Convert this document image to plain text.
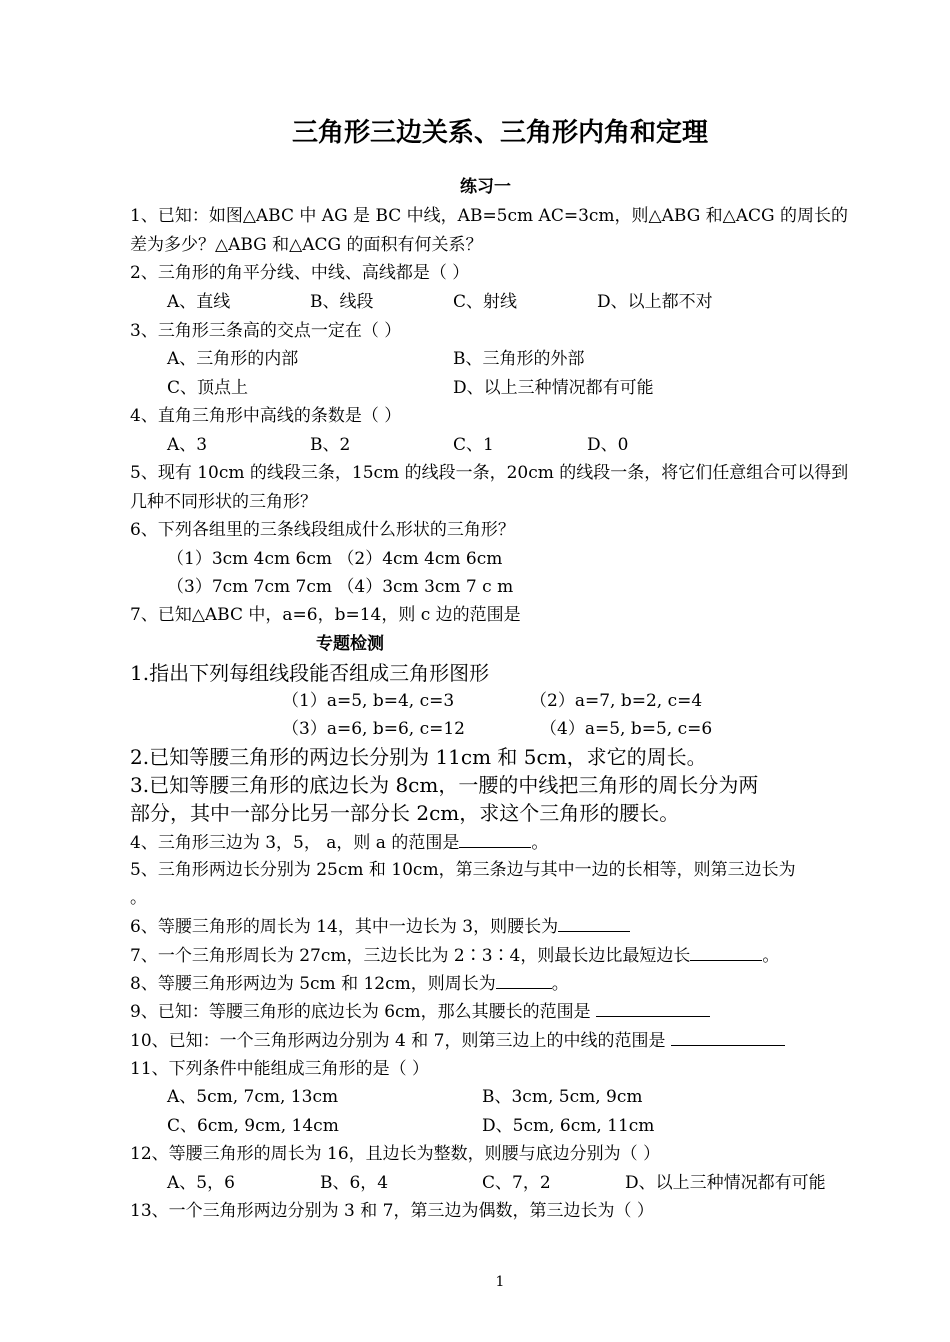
三角形三边关系、三角形内角和定理
练习一
1、已知：如图△ABC 中 AG 是 BC 中线，AB=5cm AC=3cm，则△ABG 和△ACG 的周长的
差为多少？△ABG 和△ACG 的面积有何关系？
2、三角形的角平分线、中线、高线都是（ ）
A、直线	B、线段	C、射线	D、以上都不对
3、三角形三条高的交点一定在（ ）
A、三角形的内部	B、三角形的外部
C、顶点上	D、以上三种情况都有可能
4、直角三角形中高线的条数是（ ）
A、3	B、2	C、1	D、0
5、现有 10cm 的线段三条，15cm 的线段一条，20cm 的线段一条，将它们任意组合可以得到
几种不同形状的三角形？
6、下列各组里的三条线段组成什么形状的三角形？
（1）3cm 4cm 6cm （2）4cm 4cm 6cm
（3）7cm 7cm 7cm （4）3cm 3cm 7 c m
7、已知△ABC 中，a=6，b=14，则 c 边的范围是
专题检测
1.指出下列每组线段能否组成三角形图形
（1）a=5, b=4, c=3	（2）a=7, b=2, c=4
（3）a=6, b=6, c=12	（4）a=5, b=5, c=6
2.已知等腰三角形的两边长分别为 11cm 和 5cm，求它的周长。
3.已知等腰三角形的底边长为 8cm，一腰的中线把三角形的周长分为两
部分，其中一部分比另一部分长 2cm，求这个三角形的腰长。
4、三角形三边为 3，5， a，则 a 的范围是	。
5、三角形两边长分别为 25cm 和 10cm，第三条边与其中一边的长相等，则第三边长为
。
6、等腰三角形的周长为 14，其中一边长为 3，则腰长为
7、一个三角形周长为 27cm，三边长比为 2∶3∶4，则最长边比最短边长	。
8、等腰三角形两边为 5cm 和 12cm，则周长为	。
9、已知：等腰三角形的底边长为 6cm，那么其腰长的范围是
10、已知：一个三角形两边分别为 4 和 7，则第三边上的中线的范围是
11、下列条件中能组成三角形的是（ ）
A、5cm, 7cm, 13cm	B、3cm, 5cm, 9cm
C、6cm, 9cm, 14cm	D、5cm, 6cm, 11cm
12、等腰三角形的周长为 16，且边长为整数，则腰与底边分别为（ ）
A、5，6	B、6，4	C、7，2	D、以上三种情况都有可能
13、一个三角形两边分别为 3 和 7，第三边为偶数，第三边长为（ ）
1
